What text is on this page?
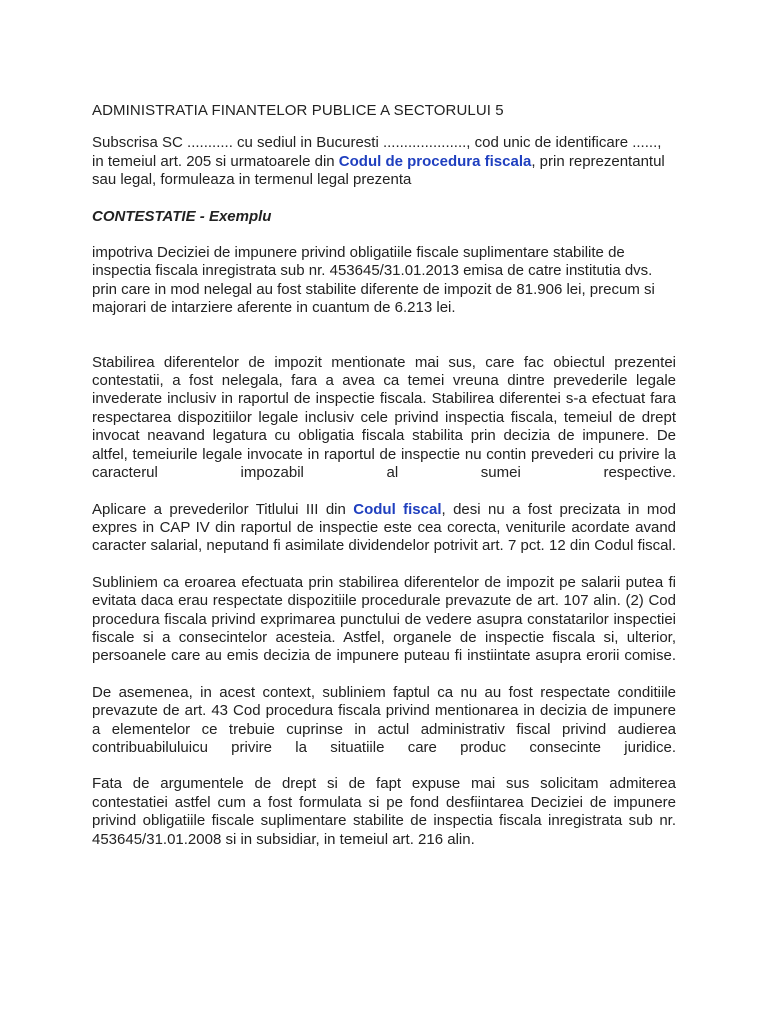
ADMINISTRATIA FINANTELOR PUBLICE A SECTORULUI 5

Subscrisa SC ........... cu sediul in Bucuresti ...................., cod unic de identificare ......, in temeiul art. 205 si urmatoarele din Codul de procedura fiscala, prin reprezentantul sau legal, formuleaza in termenul legal prezenta

CONTESTATIE - Exemplu

impotriva Deciziei de impunere privind obligatiile fiscale suplimentare stabilite de inspectia fiscala inregistrata sub nr. 453645/31.01.2013 emisa de catre institutia dvs. prin care in mod nelegal au fost stabilite diferente de impozit de 81.906 lei, precum si majorari de intarziere aferente in cuantum de 6.213 lei.

Stabilirea diferentelor de impozit mentionate mai sus, care fac obiectul prezentei contestatii, a fost nelegala, fara a avea ca temei vreuna dintre prevederile legale invederate inclusiv in raportul de inspectie fiscala. Stabilirea diferentei s-a efectuat fara respectarea dispozitiilor legale inclusiv cele privind inspectia fiscala, temeiul de drept invocat neavand legatura cu obligatia fiscala stabilita prin decizia de impunere. De altfel, temeiurile legale invocate in raportul de inspectie nu contin prevederi cu privire la caracterul impozabil al sumei respective.

Aplicare a prevederilor Titlului III din Codul fiscal, desi nu a fost precizata in mod expres in CAP IV din raportul de inspectie este cea corecta, veniturile acordate avand caracter salarial, neputand fi asimilate dividendelor potrivit art. 7 pct. 12 din Codul fiscal.

Subliniem ca eroarea efectuata prin stabilirea diferentelor de impozit pe salarii putea fi evitata daca erau respectate dispozitiile procedurale prevazute de art. 107 alin. (2) Cod procedura fiscala privind exprimarea punctului de vedere asupra constatarilor inspectiei fiscale si a consecintelor acesteia. Astfel, organele de inspectie fiscala si, ulterior, persoanele care au emis decizia de impunere puteau fi instiintate asupra erorii comise.

De asemenea, in acest context, subliniem faptul ca nu au fost respectate conditiile prevazute de art. 43 Cod procedura fiscala privind mentionarea in decizia de impunere a elementelor ce trebuie cuprinse in actul administrativ fiscal privind audierea contribuabiluluicu privire la situatiile care produc consecinte juridice.

Fata de argumentele de drept si de fapt expuse mai sus solicitam admiterea contestatiei astfel cum a fost formulata si pe fond desfiintarea Deciziei de impunere privind obligatiile fiscale suplimentare stabilite de inspectia fiscala inregistrata sub nr. 453645/31.01.2008 si in subsidiar, in temeiul art. 216 alin.
